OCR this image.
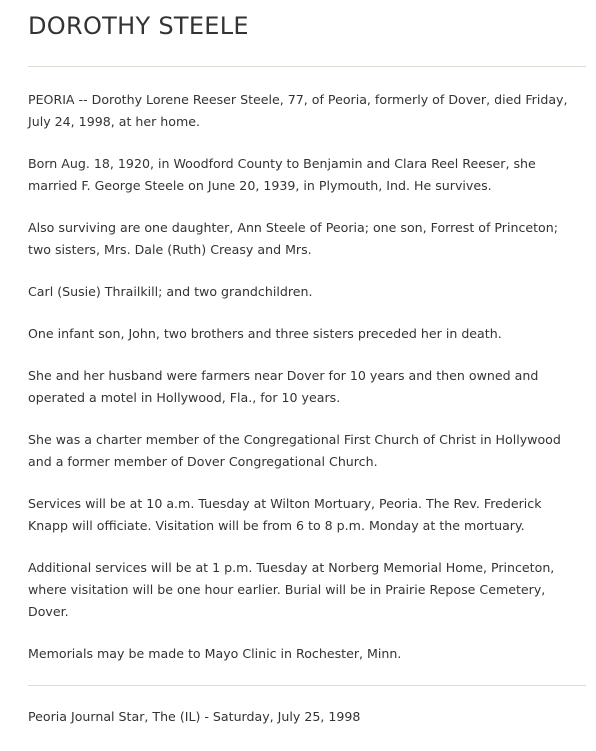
DOROTHY STEELE

PEORIA -- Dorothy Lorene Reeser Steele, 77, of Peoria, formerly of Dover, died Friday, July 24, 1998, at her home.

Born Aug. 18, 1920, in Woodford County to Benjamin and Clara Reel Reeser, she married F. George Steele on June 20, 1939, in Plymouth, Ind. He survives.

Also surviving are one daughter, Ann Steele of Peoria; one son, Forrest of Princeton; two sisters, Mrs. Dale (Ruth) Creasy and Mrs.

Carl (Susie) Thrailkill; and two grandchildren.

One infant son, John, two brothers and three sisters preceded her in death.

She and her husband were farmers near Dover for 10 years and then owned and operated a motel in Hollywood, Fla., for 10 years.

She was a charter member of the Congregational First Church of Christ in Hollywood and a former member of Dover Congregational Church.

Services will be at 10 a.m. Tuesday at Wilton Mortuary, Peoria. The Rev. Frederick Knapp will officiate. Visitation will be from 6 to 8 p.m. Monday at the mortuary.

Additional services will be at 1 p.m. Tuesday at Norberg Memorial Home, Princeton, where visitation will be one hour earlier. Burial will be in Prairie Repose Cemetery, Dover.

Memorials may be made to Mayo Clinic in Rochester, Minn.

Peoria Journal Star, The (IL) - Saturday, July 25, 1998
